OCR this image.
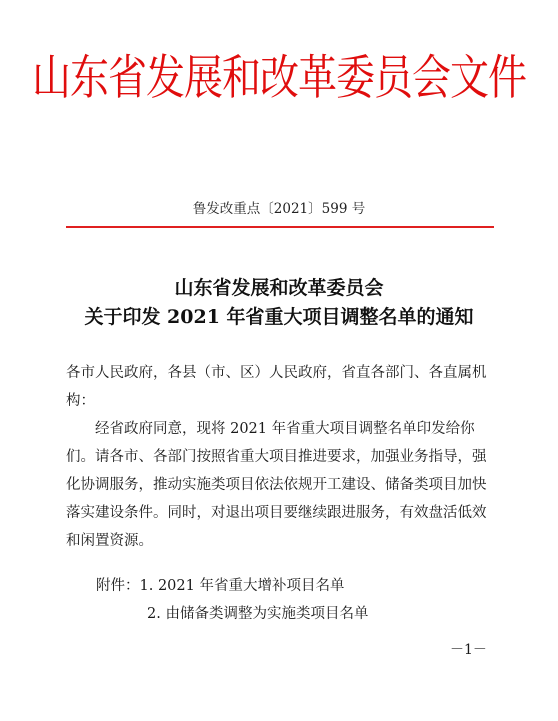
山东省发展和改革委员会文件
鲁发改重点〔2021〕599 号
山东省发展和改革委员会
关于印发 2021 年省重大项目调整名单的通知
各市人民政府，各县（市、区）人民政府，省直各部门、各直属机构：
经省政府同意，现将 2021 年省重大项目调整名单印发给你们。请各市、各部门按照省重大项目推进要求，加强业务指导，强化协调服务，推动实施类项目依法依规开工建设、储备类项目加快落实建设条件。同时，对退出项目要继续跟进服务，有效盘活低效和闲置资源。
附件：1. 2021 年省重大增补项目名单
2. 由储备类调整为实施类项目名单
－1－
